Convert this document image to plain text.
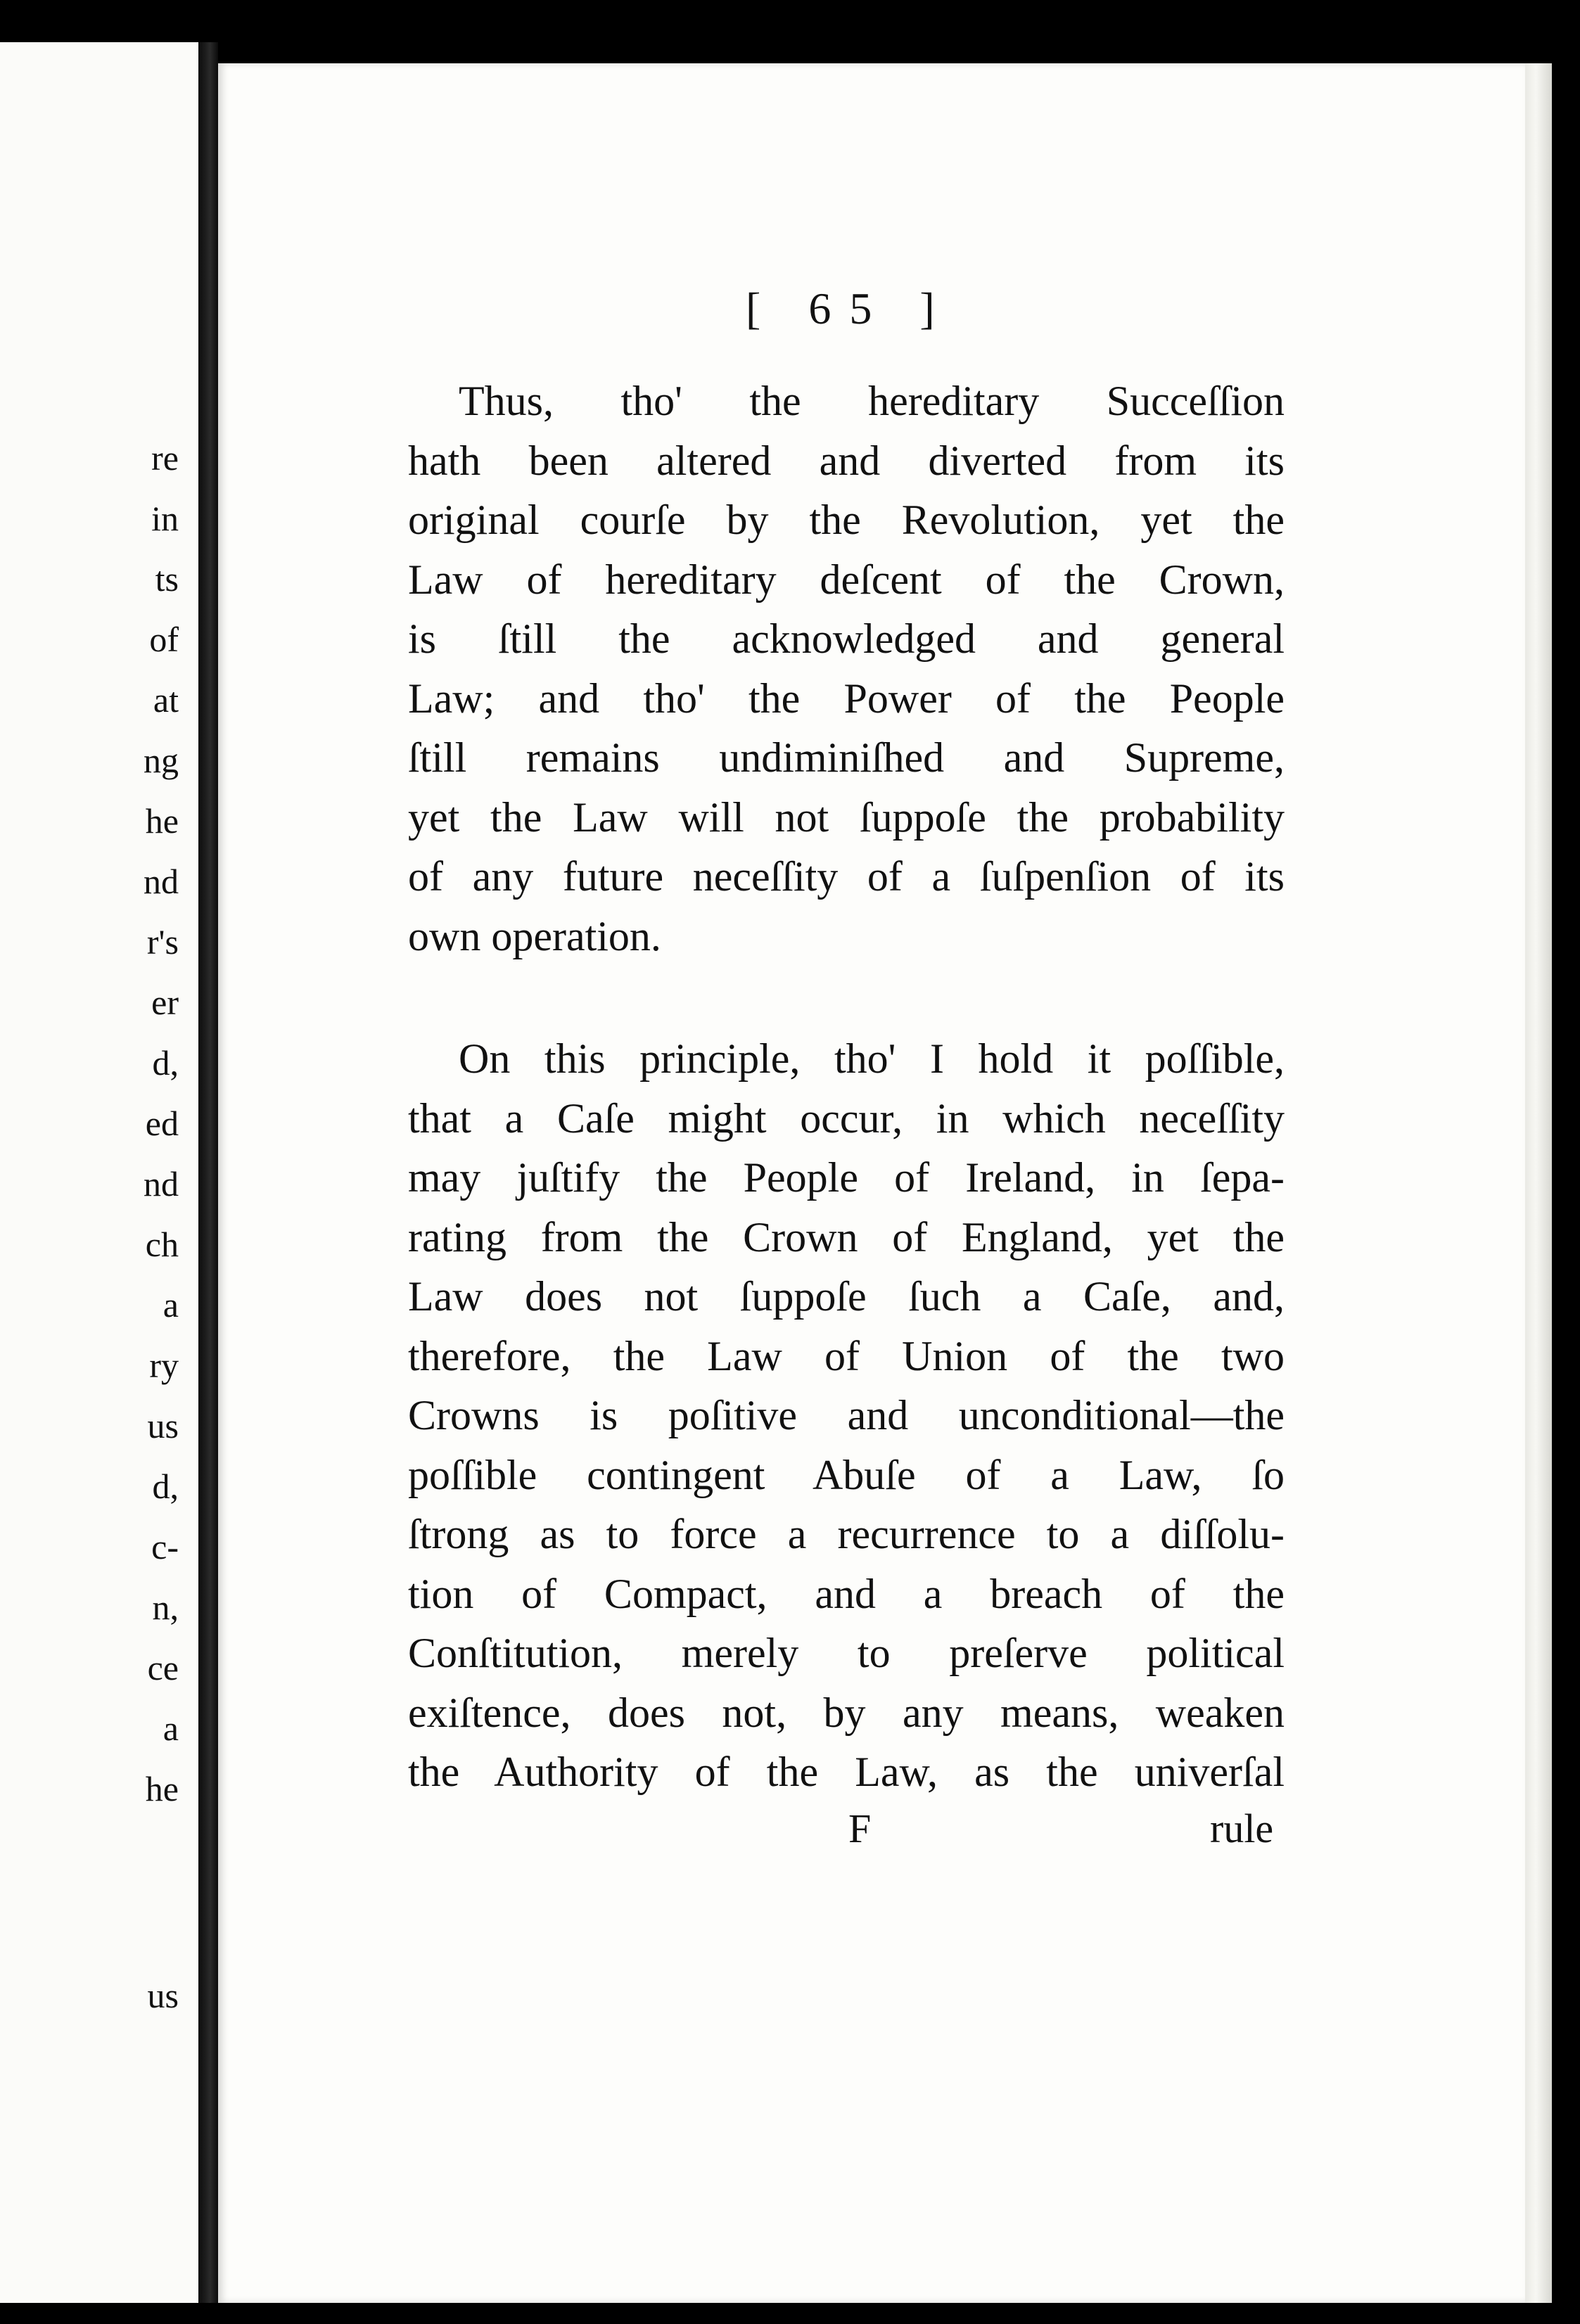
re
in
ts
of
at
ng
he
nd
r's
er
d,
ed
nd
ch
a
ry
us
d,
c-
n,
ce
a
he
us
[ 65 ]

Thus, tho' the hereditary Succeſſion
hath been altered and diverted from its
original courſe by the Revolution, yet the
Law of hereditary deſcent of the Crown,
is ſtill the acknowledged and general
Law; and tho' the Power of the People
ſtill remains undiminiſhed and Supreme,
yet the Law will not ſuppoſe the probability
of any future neceſſity of a ſuſpenſion of its
own operation.

On this principle, tho' I hold it poſſible,
that a Caſe might occur, in which neceſſity
may juſtify the People of Ireland, in ſepa-
rating from the Crown of England, yet the
Law does not ſuppoſe ſuch a Caſe, and,
therefore, the Law of Union of the two
Crowns is poſitive and unconditional—the
poſſible contingent Abuſe of a Law, ſo
ſtrong as to force a recurrence to a diſſolu-
tion of Compact, and a breach of the
Conſtitution, merely to preſerve political
exiſtence, does not, by any means, weaken
the Authority of the Law, as the univerſal

F	rule
